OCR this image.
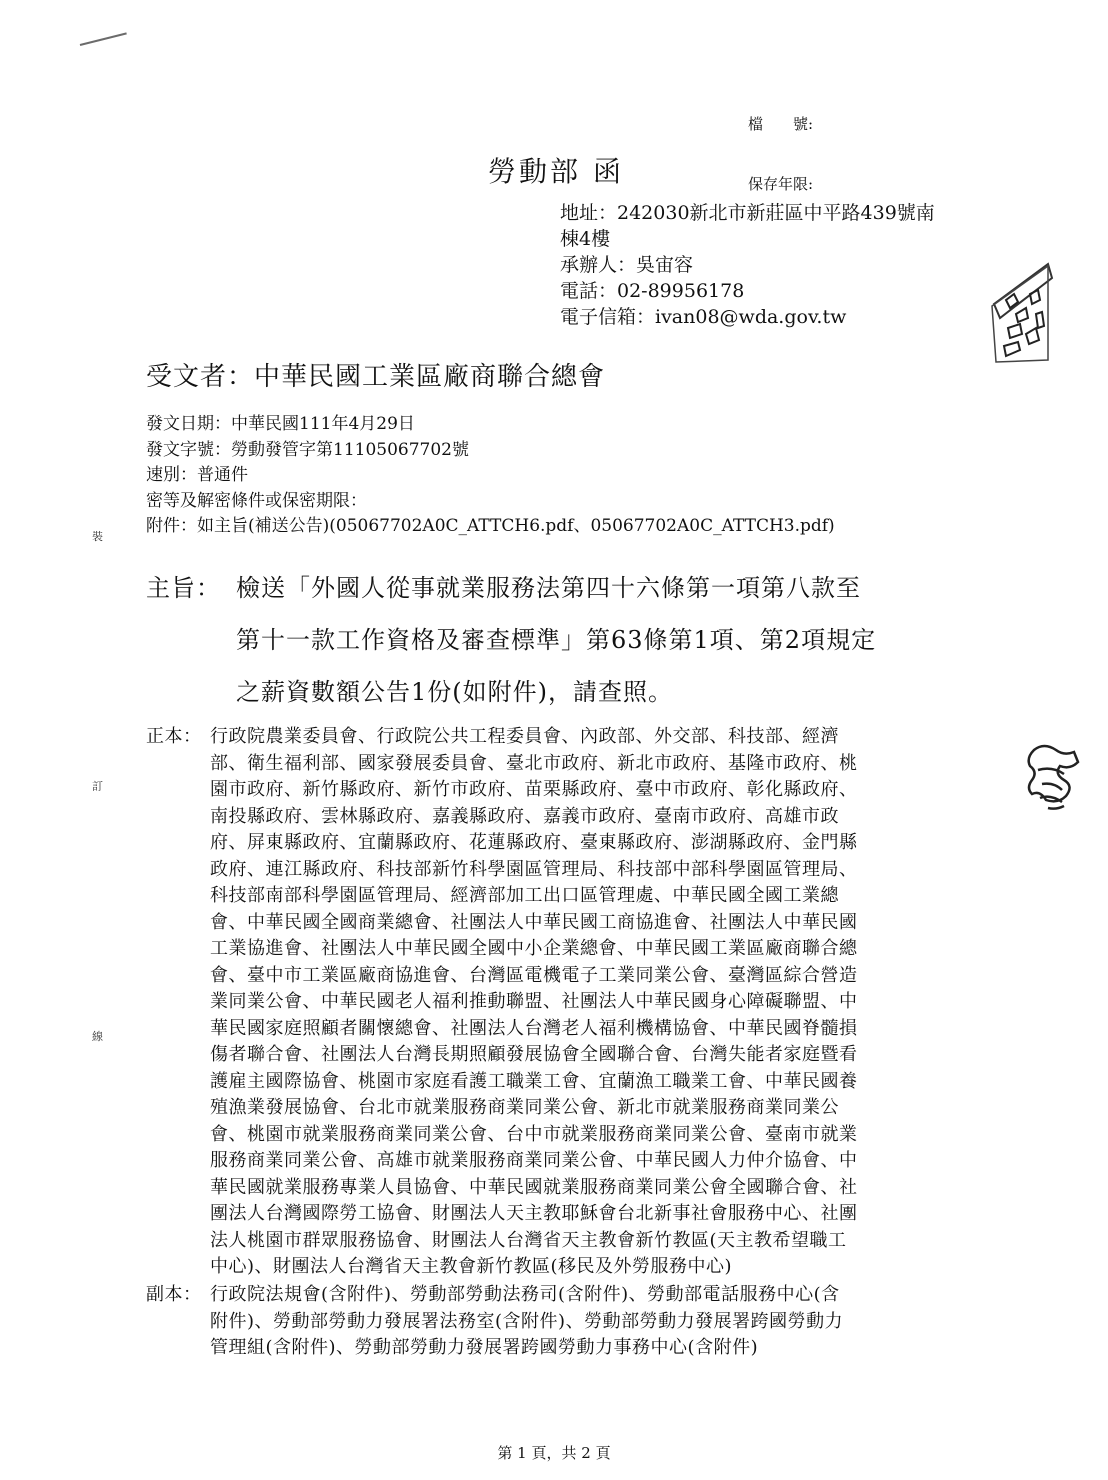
檔　　號:

保存年限:

勞動部 函
地址：242030新北市新莊區中平路439號南
棟4樓
承辦人：吳宙容
電話：02-89956178
電子信箱：ivan08@wda.gov.tw
受文者：中華民國工業區廠商聯合總會
發文日期：中華民國111年4月29日
發文字號：勞動發管字第11105067702號
速別：普通件
密等及解密條件或保密期限：
附件：如主旨(補送公告)(05067702A0C_ATTCH6.pdf、05067702A0C_ATTCH3.pdf)
裝
訂
線
主旨： 檢送「外國人從事就業服務法第四十六條第一項第八款至
第十一款工作資格及審查標準」第63條第1項、第2項規定
之薪資數額公告1份(如附件)，請查照。
正本： 行政院農業委員會、行政院公共工程委員會、內政部、外交部、科技部、經濟
部、衛生福利部、國家發展委員會、臺北市政府、新北市政府、基隆市政府、桃
園市政府、新竹縣政府、新竹市政府、苗栗縣政府、臺中市政府、彰化縣政府、
南投縣政府、雲林縣政府、嘉義縣政府、嘉義市政府、臺南市政府、高雄市政
府、屏東縣政府、宜蘭縣政府、花蓮縣政府、臺東縣政府、澎湖縣政府、金門縣
政府、連江縣政府、科技部新竹科學園區管理局、科技部中部科學園區管理局、
科技部南部科學園區管理局、經濟部加工出口區管理處、中華民國全國工業總
會、中華民國全國商業總會、社團法人中華民國工商協進會、社團法人中華民國
工業協進會、社團法人中華民國全國中小企業總會、中華民國工業區廠商聯合總
會、臺中市工業區廠商協進會、台灣區電機電子工業同業公會、臺灣區綜合營造
業同業公會、中華民國老人福利推動聯盟、社團法人中華民國身心障礙聯盟、中
華民國家庭照顧者關懷總會、社團法人台灣老人福利機構協會、中華民國脊髓損
傷者聯合會、社團法人台灣長期照顧發展協會全國聯合會、台灣失能者家庭暨看
護雇主國際協會、桃園市家庭看護工職業工會、宜蘭漁工職業工會、中華民國養
殖漁業發展協會、台北市就業服務商業同業公會、新北市就業服務商業同業公
會、桃園市就業服務商業同業公會、台中市就業服務商業同業公會、臺南市就業
服務商業同業公會、高雄市就業服務商業同業公會、中華民國人力仲介協會、中
華民國就業服務專業人員協會、中華民國就業服務商業同業公會全國聯合會、社
團法人台灣國際勞工協會、財團法人天主教耶穌會台北新事社會服務中心、社團
法人桃園市群眾服務協會、財團法人台灣省天主教會新竹教區(天主教希望職工
中心)、財團法人台灣省天主教會新竹教區(移民及外勞服務中心)
副本： 行政院法規會(含附件)、勞動部勞動法務司(含附件)、勞動部電話服務中心(含
附件)、勞動部勞動力發展署法務室(含附件)、勞動部勞動力發展署跨國勞動力
管理組(含附件)、勞動部勞動力發展署跨國勞動力事務中心(含附件)
第 1 頁，共 2 頁
